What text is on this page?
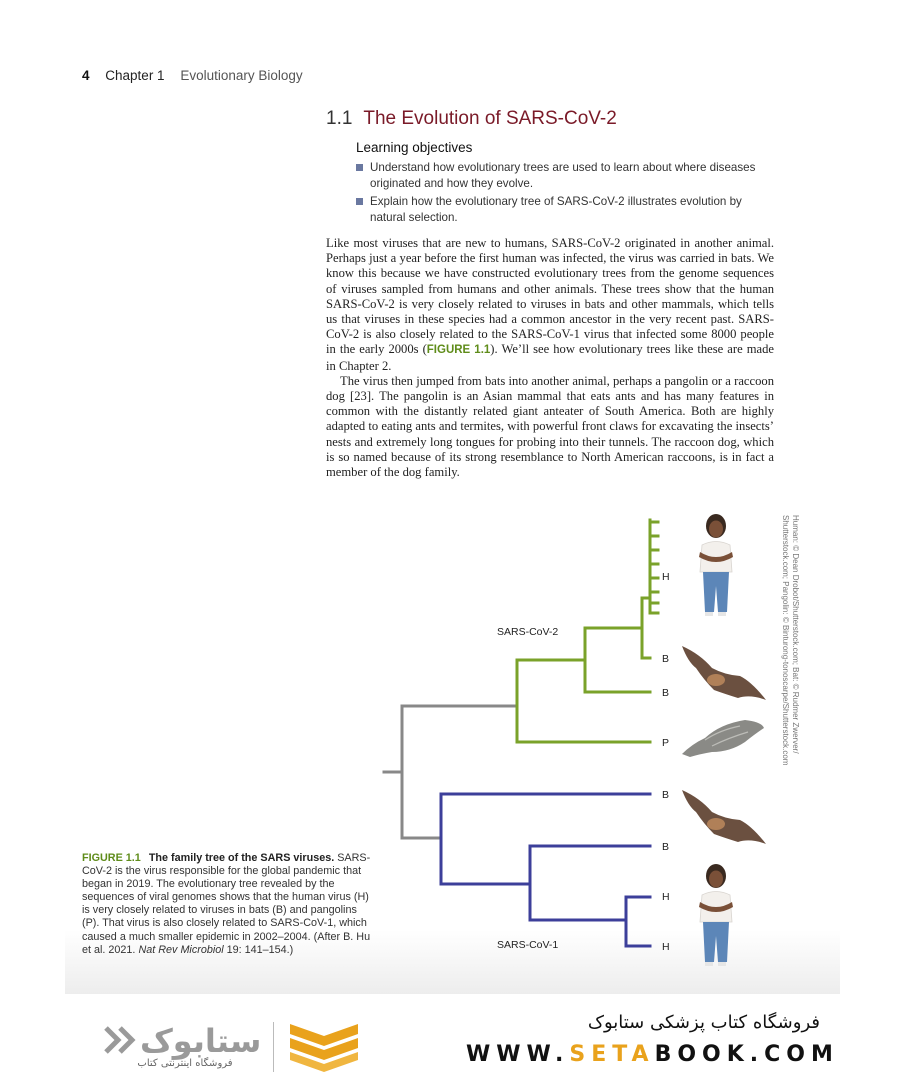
4 Chapter 1 Evolutionary Biology
1.1 The Evolution of SARS-CoV-2
Learning objectives
Understand how evolutionary trees are used to learn about where diseases originated and how they evolve.
Explain how the evolutionary tree of SARS-CoV-2 illustrates evolution by natural selection.

Like most viruses that are new to humans, SARS-CoV-2 originated in another animal. Perhaps just a year before the first human was infected, the virus was carried in bats. We know this because we have constructed evolutionary trees from the genome sequences of viruses sampled from humans and other animals. These trees show that the human SARS-CoV-2 is very closely related to viruses in bats and other mammals, which tells us that viruses in these species had a common ancestor in the very recent past. SARS-CoV-2 is also closely related to the SARS-CoV-1 virus that infected some 8000 people in the early 2000s (FIGURE 1.1). We’ll see how evolutionary trees like these are made in Chapter 2.

The virus then jumped from bats into another animal, perhaps a pangolin or a raccoon dog [23]. The pangolin is an Asian mammal that eats ants and has many features in common with the distantly related giant anteater of South America. Both are highly adapted to eating ants and termites, with powerful front claws for excavating the insects’ nests and extremely long tongues for probing into their tunnels. The raccoon dog, which is so named because of its strong resemblance to North American raccoons, is in fact a member of the dog family.

H
B
B
P
B
B
H
H
SARS-CoV-2
SARS-CoV-1
Human: © Dean Drobot/Shutterstock.com; Bat: © Rudmer Zwerver/
Shutterstock.com; Pangolin: © Binturong-tonoscarpe/Shutterstock.com
FIGURE 1.1 The family tree of the SARS viruses. SARS-CoV-2 is the virus responsible for the global pandemic that began in 2019. The evolutionary tree revealed by the sequences of viral genomes shows that the human virus (H) is very closely related to viruses in bats (B) and pangolins (P). That virus is also closely related to SARS-CoV-1, which caused a much smaller epidemic in 2002–2004. (After B. Hu et al. 2021. Nat Rev Microbiol 19: 141–154.)
ستابوک
فروشگاه اینترنتی کتاب
فروشگاه کتاب پزشکی ستابوک
WWW.SETABOOK.COM
